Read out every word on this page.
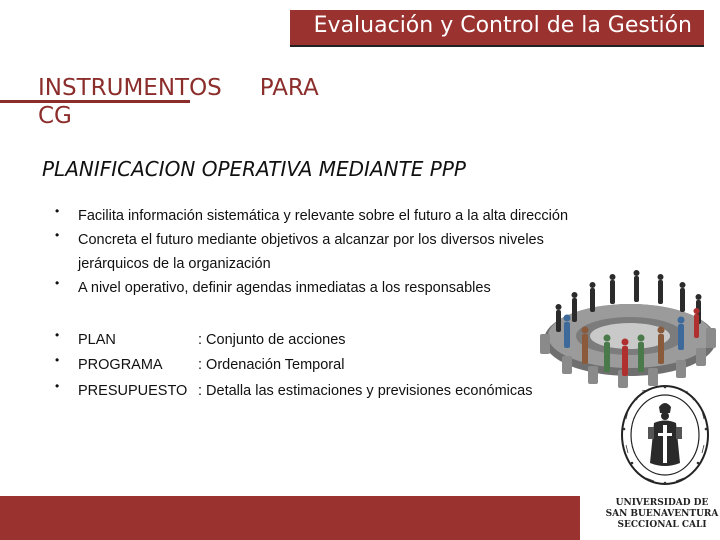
Evaluación y Control de la Gestión
INSTRUMENTOS PARA
CG
PLANIFICACION OPERATIVA MEDIANTE PPP
• Facilita información sistemática y relevante sobre el futuro a la alta dirección
• Concreta el futuro mediante objetivos a alcanzar por los diversos niveles
jerárquicos de la organización
• A nivel operativo, definir agendas inmediatas a los responsables
• PLAN	: Conjunto de acciones
• PROGRAMA : Ordenación Temporal
• PRESUPUESTO : Detalla las estimaciones y previsiones económicas
UNIVERSIDAD DE
SAN BUENAVENTURA
SECCIONAL CALI
